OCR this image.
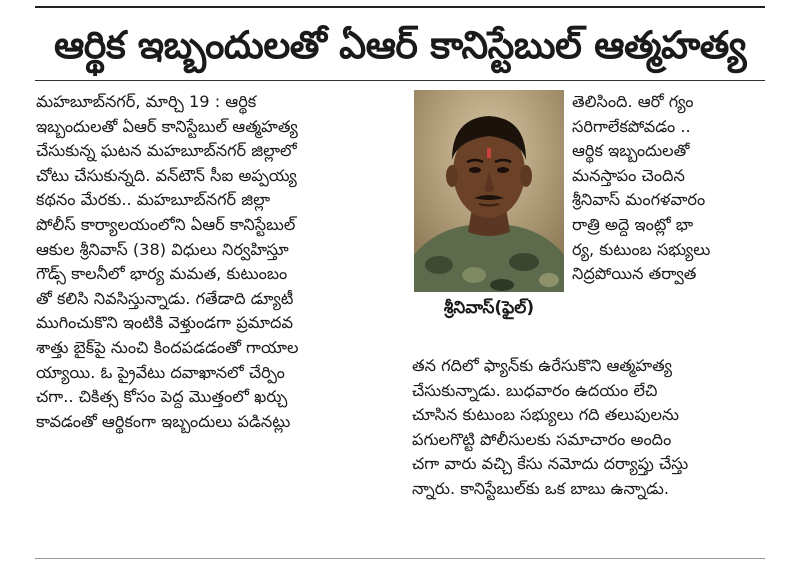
ఆర్థిక ఇబ్బందులతో ఏఆర్ కానిస్టేబుల్ ఆత్మహత్య
మహబూబ్‌నగర్, మార్చి 19 : ఆర్థిక
ఇబ్బందులతో ఏఆర్ కానిస్టేబుల్ ఆత్మహత్య
చేసుకున్న ఘటన మహబూబ్‌నగర్ జిల్లాలో
చోటు చేసుకున్నది. వన్‌టౌన్ సీఐ అప్పయ్య
కథనం మేరకు.. మహబూబ్‌నగర్ జిల్లా
పోలీస్ కార్యాలయంలోని ఏఆర్ కానిస్టేబుల్
ఆకుల శ్రీనివాస్ (38) విధులు నిర్వహిస్తూ
గౌడ్స్ కాలనీలో భార్య మమత, కుటుంబం
తో కలిసి నివసిస్తున్నాడు. గతేడాది డ్యూటీ
ముగించుకొని ఇంటికి వెళ్తుండగా ప్రమాదవ
శాత్తు బైక్‌పై నుంచి కిందపడడంతో గాయాల
య్యాయి. ఓ ప్రైవేటు దవాఖానలో చేర్పిం
చగా.. చికిత్స కోసం పెద్ద మొత్తంలో ఖర్చు
కావడంతో ఆర్థికంగా ఇబ్బందులు పడినట్లు
శ్రీనివాస్(ఫైల్)
తెలిసింది. ఆరో గ్యం
సరిగాలేకపోవడం ..
ఆర్థిక ఇబ్బందులతో
మనస్తాపం చెందిన
శ్రీనివాస్ మంగళవారం
రాత్రి అద్దె ఇంట్లో భా
ర్య, కుటుంబ సభ్యులు
నిద్రపోయిన తర్వాత
తన గదిలో ఫ్యాన్‌కు ఉరేసుకొని ఆత్మహత్య
చేసుకున్నాడు. బుధవారం ఉదయం లేచి
చూసిన కుటుంబ సభ్యులు గది తలుపులను
పగులగొట్టి పోలీసులకు సమాచారం అందిం
చగా వారు వచ్చి కేసు నమోదు దర్యాప్తు చేస్తు
న్నారు. కానిస్టేబుల్‌కు ఒక బాబు ఉన్నాడు.
